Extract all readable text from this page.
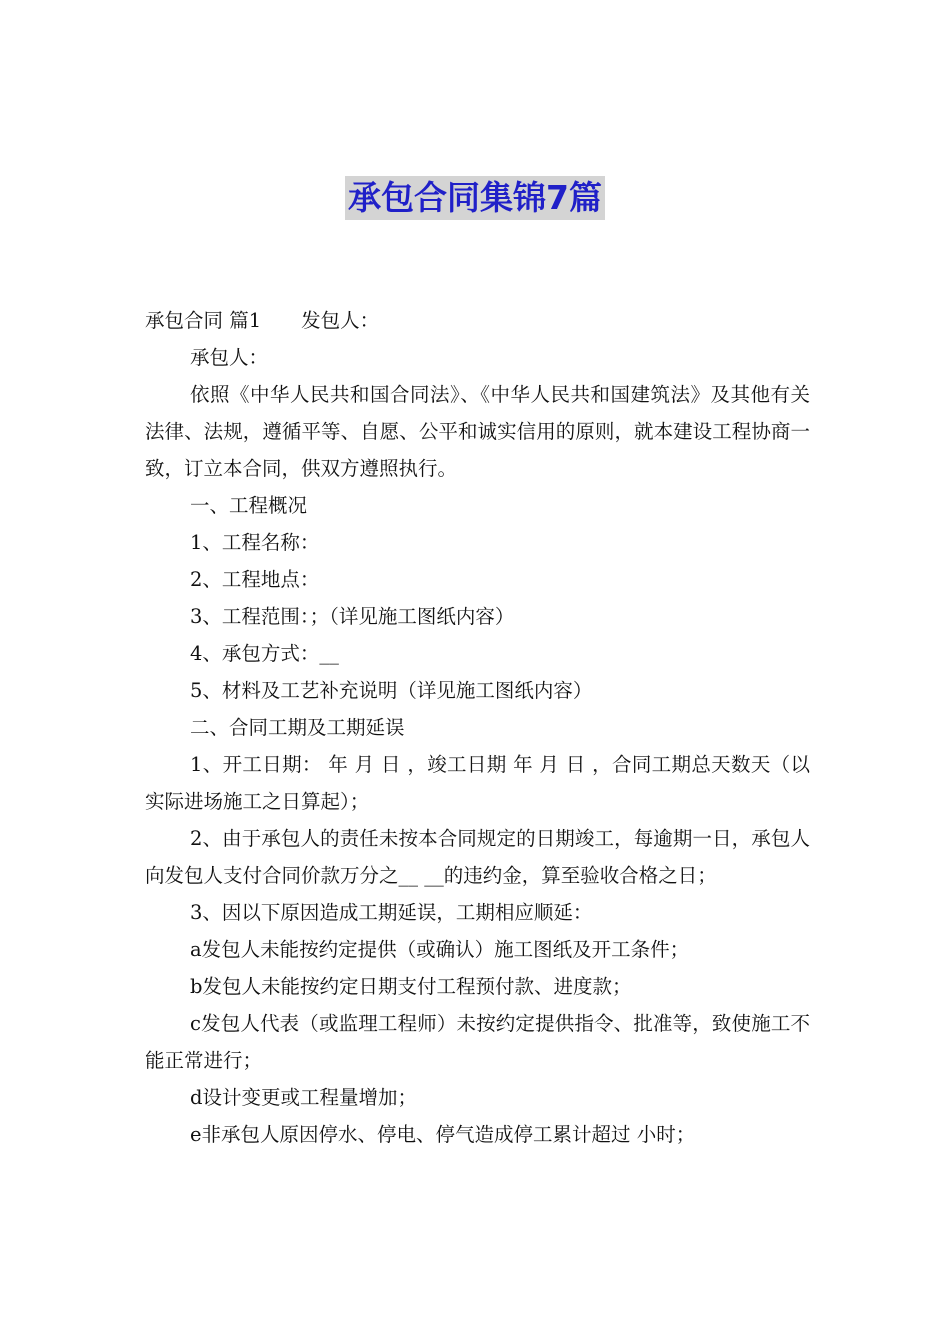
承包合同集锦7篇

承包合同 篇1 发包人：

承包人：

依照《中华人民共和国合同法》、《中华人民共和国建筑法》及其他有关法律、法规，遵循平等、自愿、公平和诚实信用的原则，就本建设工程协商一致，订立本合同，供双方遵照执行。

一、工程概况

1、工程名称：

2、工程地点：

3、工程范围：；（详见施工图纸内容）

4、承包方式：__

5、材料及工艺补充说明（详见施工图纸内容）

二、合同工期及工期延误

1、开工日期： 年 月 日 ，竣工日期 年 月 日 ，合同工期总天数天（以实际进场施工之日算起）；

2、由于承包人的责任未按本合同规定的日期竣工，每逾期一日，承包人向发包人支付合同价款万分之__ __的违约金，算至验收合格之日；

3、因以下原因造成工期延误，工期相应顺延：

a发包人未能按约定提供（或确认）施工图纸及开工条件；

b发包人未能按约定日期支付工程预付款、进度款；

c发包人代表（或监理工程师）未按约定提供指令、批准等，致使施工不能正常进行；

d设计变更或工程量增加；

e非承包人原因停水、停电、停气造成停工累计超过 小时；
